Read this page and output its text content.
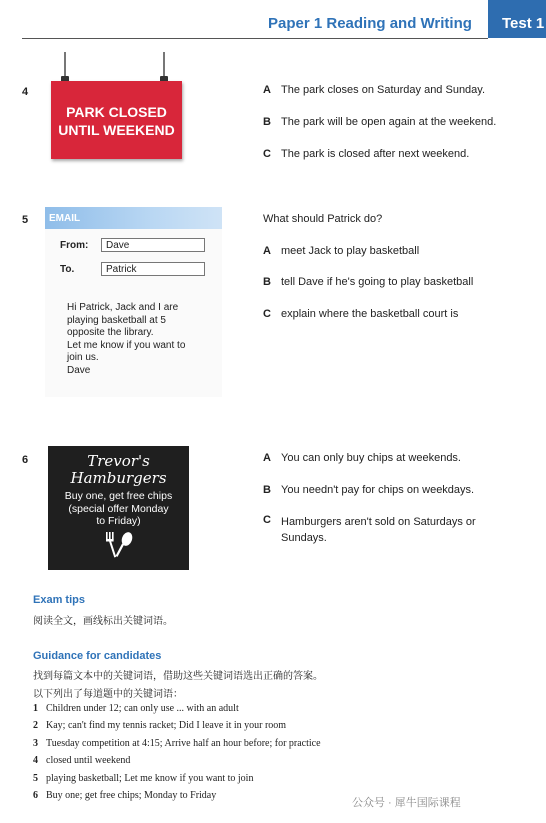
Paper 1 Reading and Writing	Test 1
4
PARK CLOSED
UNTIL WEEKEND
A The park closes on Saturday and Sunday.
B The park will be open again at the weekend.
C The park is closed after next weekend.
5	EMAIL
From:	Dave
To.	Patrick
Hi Patrick, Jack and I are
playing basketball at 5
opposite the library.
Let me know if you want to
join us.
Dave
What should Patrick do?
A meet Jack to play basketball
B tell Dave if he's going to play basketball
C explain where the basketball court is
6	Trevor's
Hamburgers
Buy one, get free chips
(special offer Monday
to Friday)
A You can only buy chips at weekends.
B You needn't pay for chips on weekdays.
C Hamburgers aren't sold on Saturdays or Sundays.
Exam tips
阅读全文，画线标出关键词语。
Guidance for candidates
找到每篇文本中的关键词语，借助这些关键词语选出正确的答案。
以下列出了每道题中的关键词语：
1 Children under 12; can only use ... with an adult
2 Kay; can't find my tennis racket; Did I leave it in your room
3 Tuesday competition at 4:15; Arrive half an hour before; for practice
4 closed until weekend
5 playing basketball; Let me know if you want to join
6 Buy one; get free chips; Monday to Friday
公众号 · 犀牛国际课程
